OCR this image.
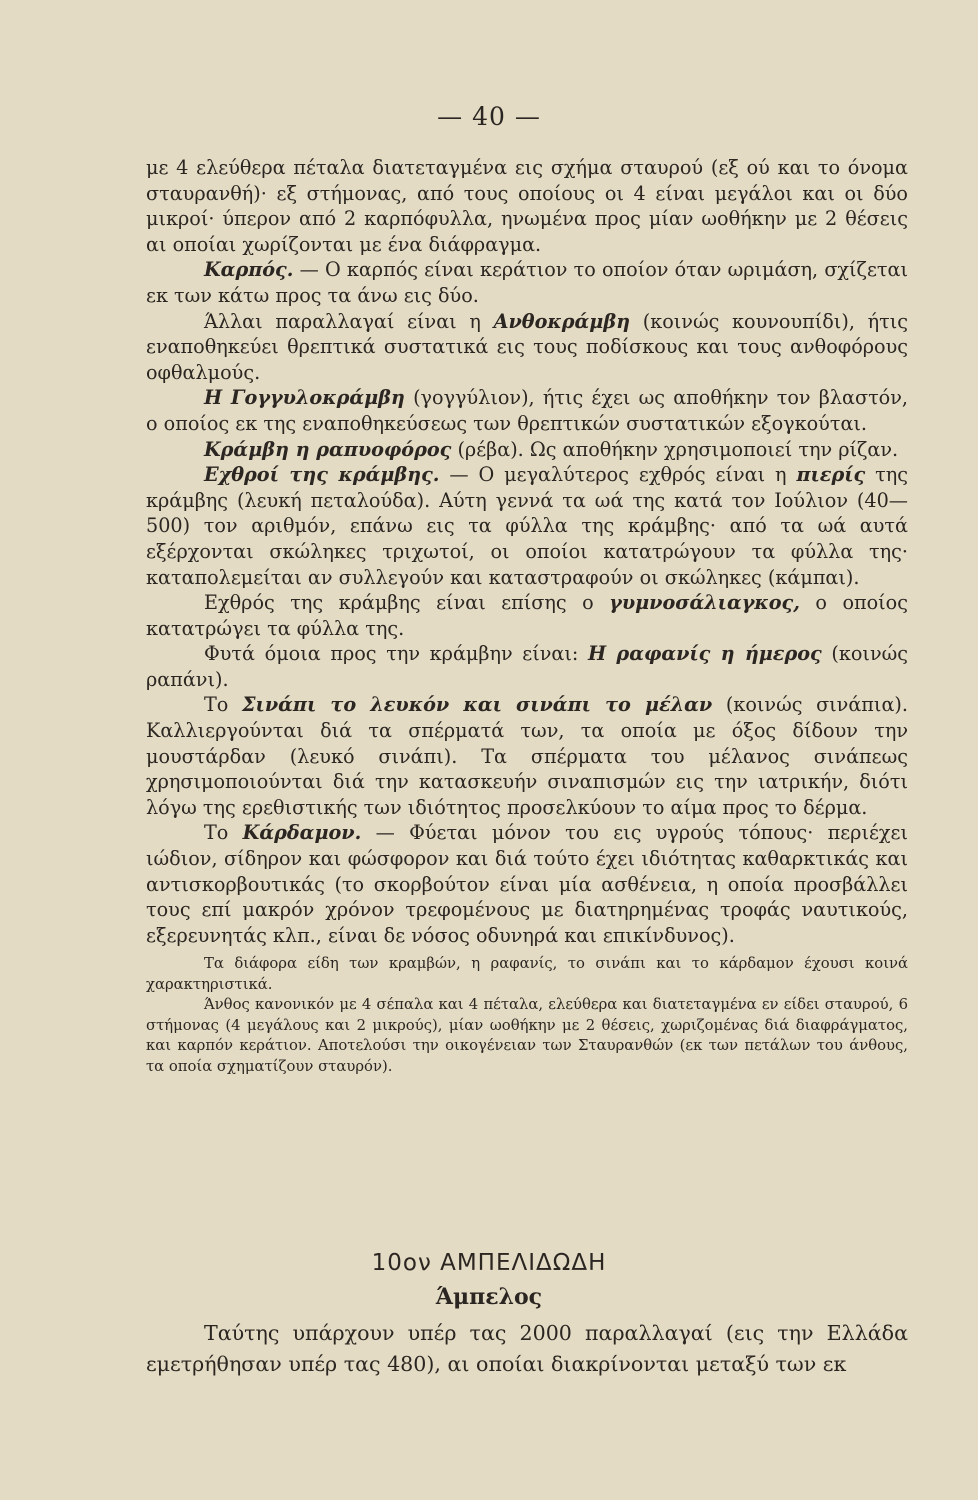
— 40 —

με 4 ελεύθερα πέταλα διατεταγμένα εις σχήμα σταυρού (εξ ού και το όνομα σταυρανθή)· εξ στήμονας, από τους οποίους οι 4 είναι μεγάλοι και οι δύο μικροί· ύπερον από 2 καρπόφυλλα, ηνωμένα προς μίαν ωοθήκην με 2 θέσεις αι οποίαι χωρίζονται με ένα διάφραγμα.

Καρπός. — Ο καρπός είναι κεράτιον το οποίον όταν ωριμάση, σχίζεται εκ των κάτω προς τα άνω εις δύο.

Άλλαι παραλλαγαί είναι η Ανθοκράμβη (κοινώς κουνουπίδι), ήτις εναποθηκεύει θρεπτικά συστατικά εις τους ποδίσκους και τους ανθοφόρους οφθαλμούς.

Η Γογγυλοκράμβη (γογγύλιον), ήτις έχει ως αποθήκην τον βλαστόν, ο οποίος εκ της εναποθηκεύσεως των θρεπτικών συστατικών εξογκούται.

Κράμβη η ραπυοφόρος (ρέβα). Ως αποθήκην χρησιμοποιεί την ρίζαν.

Εχθροί της κράμβης. — Ο μεγαλύτερος εχθρός είναι η πιερίς της κράμβης (λευκή πεταλούδα). Αύτη γεννά τα ωά της κατά τον Ιούλιον (40—500) τον αριθμόν, επάνω εις τα φύλλα της κράμβης· από τα ωά αυτά εξέρχονται σκώληκες τριχωτοί, οι οποίοι κατατρώγουν τα φύλλα της· καταπολεμείται αν συλλεγούν και καταστραφούν οι σκώληκες (κάμπαι).

Εχθρός της κράμβης είναι επίσης ο γυμνοσάλιαγκος, ο οποίος κατατρώγει τα φύλλα της.

Φυτά όμοια προς την κράμβην είναι: Η ραφανίς η ήμερος (κοινώς ραπάνι).

Το Σινάπι το λευκόν και σινάπι το μέλαν (κοινώς σινάπια). Καλλιεργούνται διά τα σπέρματά των, τα οποία με όξος δίδουν την μουστάρδαν (λευκό σινάπι). Τα σπέρματα του μέλανος σινάπεως χρησιμοποιούνται διά την κατασκευήν σιναπισμών εις την ιατρικήν, διότι λόγω της ερεθιστικής των ιδιότητος προσελκύουν το αίμα προς το δέρμα.

Το Κάρδαμον. — Φύεται μόνον του εις υγρούς τόπους· περιέχει ιώδιον, σίδηρον και φώσφορον και διά τούτο έχει ιδιότητας καθαρκτικάς και αντισκορβουτικάς (το σκορβούτον είναι μία ασθένεια, η οποία προσβάλλει τους επί μακρόν χρόνον τρεφομένους με διατηρημένας τροφάς ναυτικούς, εξερευνητάς κλπ., είναι δε νόσος οδυνηρά και επικίνδυνος).

Τα διάφορα είδη των κραμβών, η ραφανίς, το σινάπι και το κάρδαμον έχουσι κοινά χαρακτηριστικά.

Άνθος κανονικόν με 4 σέπαλα και 4 πέταλα, ελεύθερα και διατεταγμένα εν είδει σταυρού, 6 στήμονας (4 μεγάλους και 2 μικρούς), μίαν ωοθήκην με 2 θέσεις, χωριζομένας διά διαφράγματος, και καρπόν κεράτιον. Αποτελούσι την οικογένειαν των Σταυρανθών (εκ των πετάλων του άνθους, τα οποία σχηματίζουν σταυρόν).

10ον ΑΜΠΕΛΙΔΩΔΗ
Άμπελος

Ταύτης υπάρχουν υπέρ τας 2000 παραλλαγαί (εις την Ελλάδα εμετρήθησαν υπέρ τας 480), αι οποίαι διακρίνονται μεταξύ των εκ
